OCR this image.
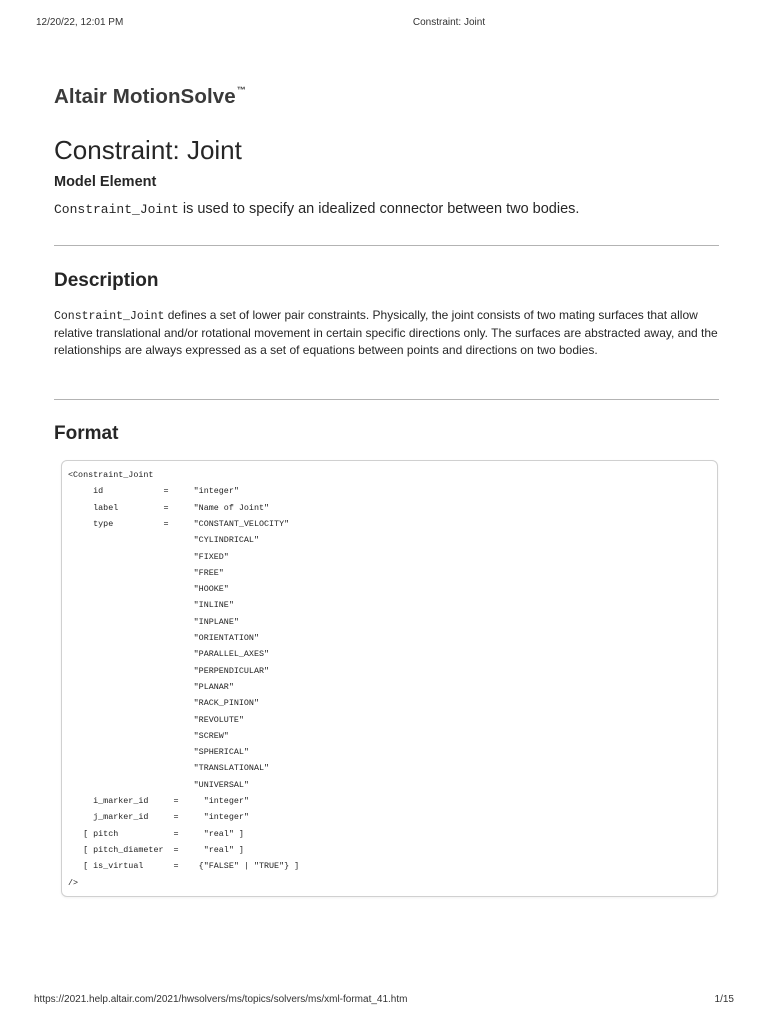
12/20/22, 12:01 PM	Constraint: Joint
Altair MotionSolve™
Constraint: Joint
Model Element
Constraint_Joint is used to specify an idealized connector between two bodies.
Description

Constraint_Joint defines a set of lower pair constraints. Physically, the joint consists of two mating surfaces that allow relative translational and/or rotational movement in certain specific directions only. The surfaces are abstracted away, and the relationships are always expressed as a set of equations between points and directions on two bodies.

Format
<Constraint_Joint
id            =     "integer"
label         =     "Name of Joint"
type          =     "CONSTANT_VELOCITY"
"CYLINDRICAL"
"FIXED"
"FREE"
"HOOKE"
"INLINE"
"INPLANE"
"ORIENTATION"
"PARALLEL_AXES"
"PERPENDICULAR"
"PLANAR"
"RACK_PINION"
"REVOLUTE"
"SCREW"
"SPHERICAL"
"TRANSLATIONAL"
"UNIVERSAL"
i_marker_id     =     "integer"
j_marker_id     =     "integer"
[ pitch           =     "real" ]
[ pitch_diameter  =     "real" ]
[ is_virtual      =    {"FALSE" | "TRUE"} ]
/>
https://2021.help.altair.com/2021/hwsolvers/ms/topics/solvers/ms/xml-format_41.htm	1/15
